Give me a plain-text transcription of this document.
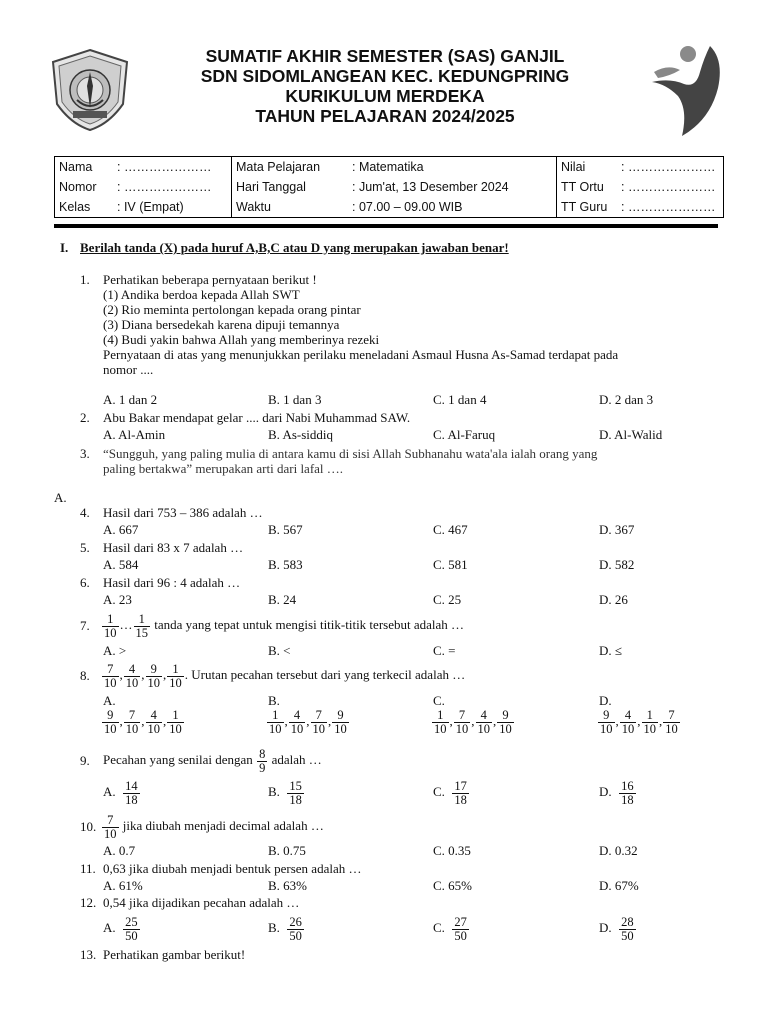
SUMATIF AKHIR SEMESTER (SAS) GANJIL
SDN SIDOMLANGEAN KEC. KEDUNGPRING
KURIKULUM MERDEKA
TAHUN PELAJARAN 2024/2025
Nama	: …………………	Mata Pelajaran	: Matematika	Nilai	: …………………
Nomor	: …………………	Hari Tanggal	: Jum'at, 13 Desember 2024	TT Ortu	: …………………
Kelas	: IV (Empat)	Waktu	: 07.00 – 09.00 WIB	TT Guru	: …………………
I. Berilah tanda (X) pada huruf A,B,C atau D yang merupakan jawaban benar!
1. Perhatikan beberapa pernyataan berikut !
(1) Andika berdoa kepada Allah SWT
(2) Rio meminta pertolongan kepada orang pintar
(3) Diana bersedekah karena dipuji temannya
(4) Budi yakin bahwa Allah yang memberinya rezeki
Pernyataan di atas yang menunjukkan perilaku meneladani Asmaul Husna As-Samad terdapat pada
nomor ....
A. 1 dan 2	B. 1 dan 3	C. 1 dan 4	D. 2 dan 3
2. Abu Bakar mendapat gelar .... dari Nabi Muhammad SAW.
A. Al-Amin	B. As-siddiq	C. Al-Faruq	D. Al-Walid
3. “Sungguh, yang paling mulia di antara kamu di sisi Allah Subhanahu wata'ala ialah orang yang
paling bertakwa” merupakan arti dari lafal ….
A.
4. Hasil dari 753 – 386 adalah …
A. 667	B. 567	C. 467	D. 367
5. Hasil dari 83 x 7 adalah …
A. 584	B. 583	C. 581	D. 582
6. Hasil dari 96 : 4 adalah …
A. 23	B. 24	C. 25	D. 26
7. $\frac{1}{10}$ … $\frac{1}{15}$ tanda yang tepat untuk mengisi titik-titik tersebut adalah …
A. >	B. <	C. =	D. ≤
8. $\frac{7}{10}$ , $\frac{4}{10}$ , $\frac{9}{10}$ , $\frac{1}{10}$ . Urutan pecahan tersebut dari yang terkecil adalah …
A.	B.	C.	D.
$\frac{9}{10}$ , $\frac{7}{10}$ , $\frac{4}{10}$ , $\frac{1}{10}$	$\frac{1}{10}$ , $\frac{4}{10}$ , $\frac{7}{10}$ , $\frac{9}{10}$	$\frac{1}{10}$ , $\frac{7}{10}$ , $\frac{4}{10}$ , $\frac{9}{10}$	$\frac{9}{10}$ , $\frac{4}{10}$ , $\frac{1}{10}$ , $\frac{7}{10}$
9. Pecahan yang senilai dengan $\frac{8}{9}$ adalah …
A. $\frac{14}{18}$	B. $\frac{15}{18}$	C. $\frac{17}{18}$	D. $\frac{16}{18}$
10. $\frac{7}{10}$ jika diubah menjadi decimal adalah …
A. 0.7	B. 0.75	C. 0.35	D. 0.32
11. 0,63 jika diubah menjadi bentuk persen adalah …
A. 61%	B. 63%	C. 65%	D. 67%
12. 0,54 jika dijadikan pecahan adalah …
A. $\frac{25}{50}$	B. $\frac{26}{50}$	C. $\frac{27}{50}$	D. $\frac{28}{50}$
13. Perhatikan gambar berikut!
